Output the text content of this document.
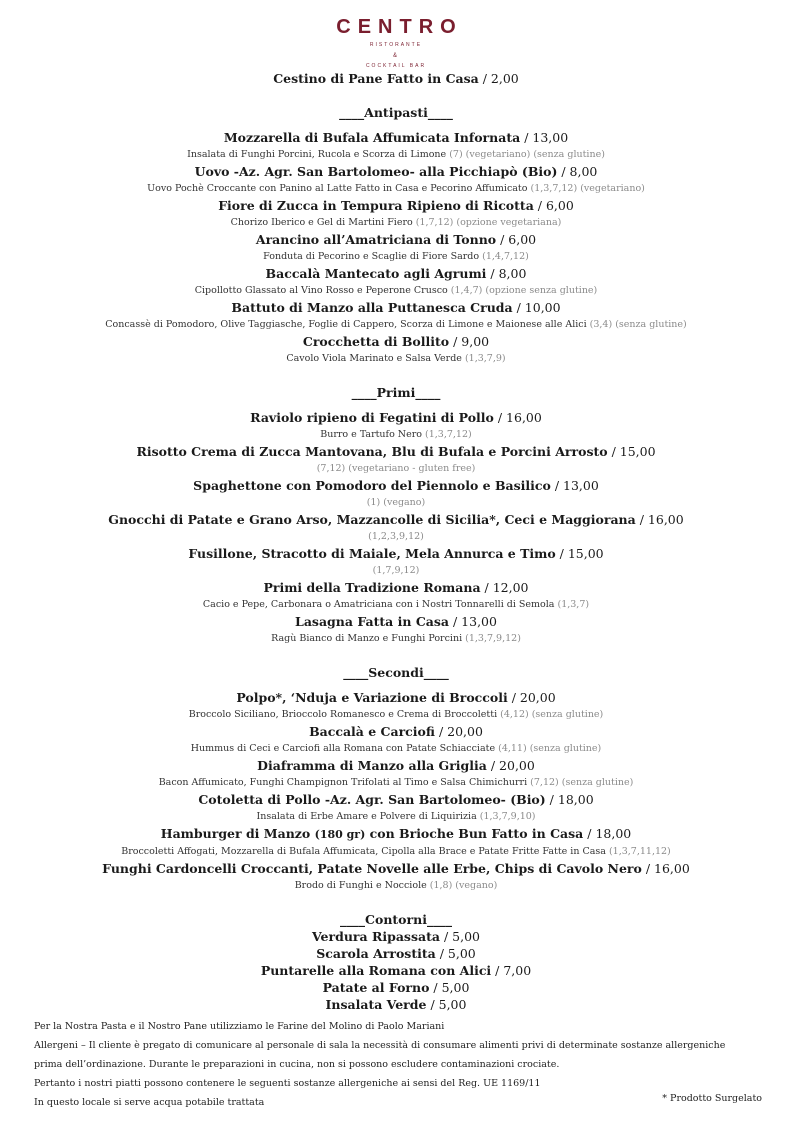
CENTRO
RISTORANTE
&
COCKTAIL BAR
Cestino di Pane Fatto in Casa / 2,00
____Antipasti____
Mozzarella di Bufala Affumicata Infornata / 13,00
Insalata di Funghi Porcini, Rucola e Scorza di Limone (7) (vegetariano) (senza glutine)
Uovo -Az. Agr. San Bartolomeo- alla Picchiapò (Bio) / 8,00
Uovo Pochè Croccante con Panino al Latte Fatto in Casa e Pecorino Affumicato (1,3,7,12) (vegetariano)
Fiore di Zucca in Tempura Ripieno di Ricotta / 6,00
Chorizo Iberico e Gel di Martini Fiero (1,7,12) (opzione vegetariana)
Arancino all’Amatriciana di Tonno / 6,00
Fonduta di Pecorino e Scaglie di Fiore Sardo (1,4,7,12)
Baccalà Mantecato agli Agrumi / 8,00
Cipollotto Glassato al Vino Rosso e Peperone Crusco (1,4,7) (opzione senza glutine)
Battuto di Manzo alla Puttanesca Cruda / 10,00
Concassè di Pomodoro, Olive Taggiasche, Foglie di Cappero, Scorza di Limone e Maionese alle Alici (3,4) (senza glutine)
Crocchetta di Bollito / 9,00
Cavolo Viola Marinato e Salsa Verde (1,3,7,9)
____Primi____
Raviolo ripieno di Fegatini di Pollo / 16,00
Burro e Tartufo Nero (1,3,7,12)
Risotto Crema di Zucca Mantovana, Blu di Bufala e Porcini Arrosto / 15,00
(7,12) (vegetariano - gluten free)
Spaghettone con Pomodoro del Piennolo e Basilico / 13,00
(1) (vegano)
Gnocchi di Patate e Grano Arso, Mazzancolle di Sicilia*, Ceci e Maggiorana / 16,00
(1,2,3,9,12)
Fusillone, Stracotto di Maiale, Mela Annurca e Timo / 15,00
(1,7,9,12)
Primi della Tradizione Romana / 12,00
Cacio e Pepe, Carbonara o Amatriciana con i Nostri Tonnarelli di Semola (1,3,7)
Lasagna Fatta in Casa / 13,00
Ragù Bianco di Manzo e Funghi Porcini (1,3,7,9,12)
____Secondi____
Polpo*, ‘Nduja e Variazione di Broccoli / 20,00
Broccolo Siciliano, Brioccolo Romanesco e Crema di Broccoletti (4,12) (senza glutine)
Baccalà e Carciofi / 20,00
Hummus di Ceci e Carciofi alla Romana con Patate Schiacciate (4,11) (senza glutine)
Diaframma di Manzo alla Griglia / 20,00
Bacon Affumicato, Funghi Champignon Trifolati al Timo e Salsa Chimichurri (7,12) (senza glutine)
Cotoletta di Pollo -Az. Agr. San Bartolomeo- (Bio) / 18,00
Insalata di Erbe Amare e Polvere di Liquirizia (1,3,7,9,10)
Hamburger di Manzo (180 gr) con Brioche Bun Fatto in Casa / 18,00
Broccoletti Affogati, Mozzarella di Bufala Affumicata, Cipolla alla Brace e Patate Fritte Fatte in Casa (1,3,7,11,12)
Funghi Cardoncelli Croccanti, Patate Novelle alle Erbe, Chips di Cavolo Nero / 16,00
Brodo di Funghi e Nocciole (1,8) (vegano)
____Contorni____
Verdura Ripassata / 5,00
Scarola Arrostita / 5,00
Puntarelle alla Romana con Alici / 7,00
Patate al Forno / 5,00
Insalata Verde / 5,00
Per la Nostra Pasta e il Nostro Pane utilizziamo le Farine del Molino di Paolo Mariani
Allergeni – Il cliente è pregato di comunicare al personale di sala la necessità di consumare alimenti privi di determinate sostanze allergeniche
prima dell’ordinazione. Durante le preparazioni in cucina, non si possono escludere contaminazioni crociate.
Pertanto i nostri piatti possono contenere le seguenti sostanze allergeniche ai sensi del Reg. UE 1169/11
In questo locale si serve acqua potabile trattata	* Prodotto Surgelato
